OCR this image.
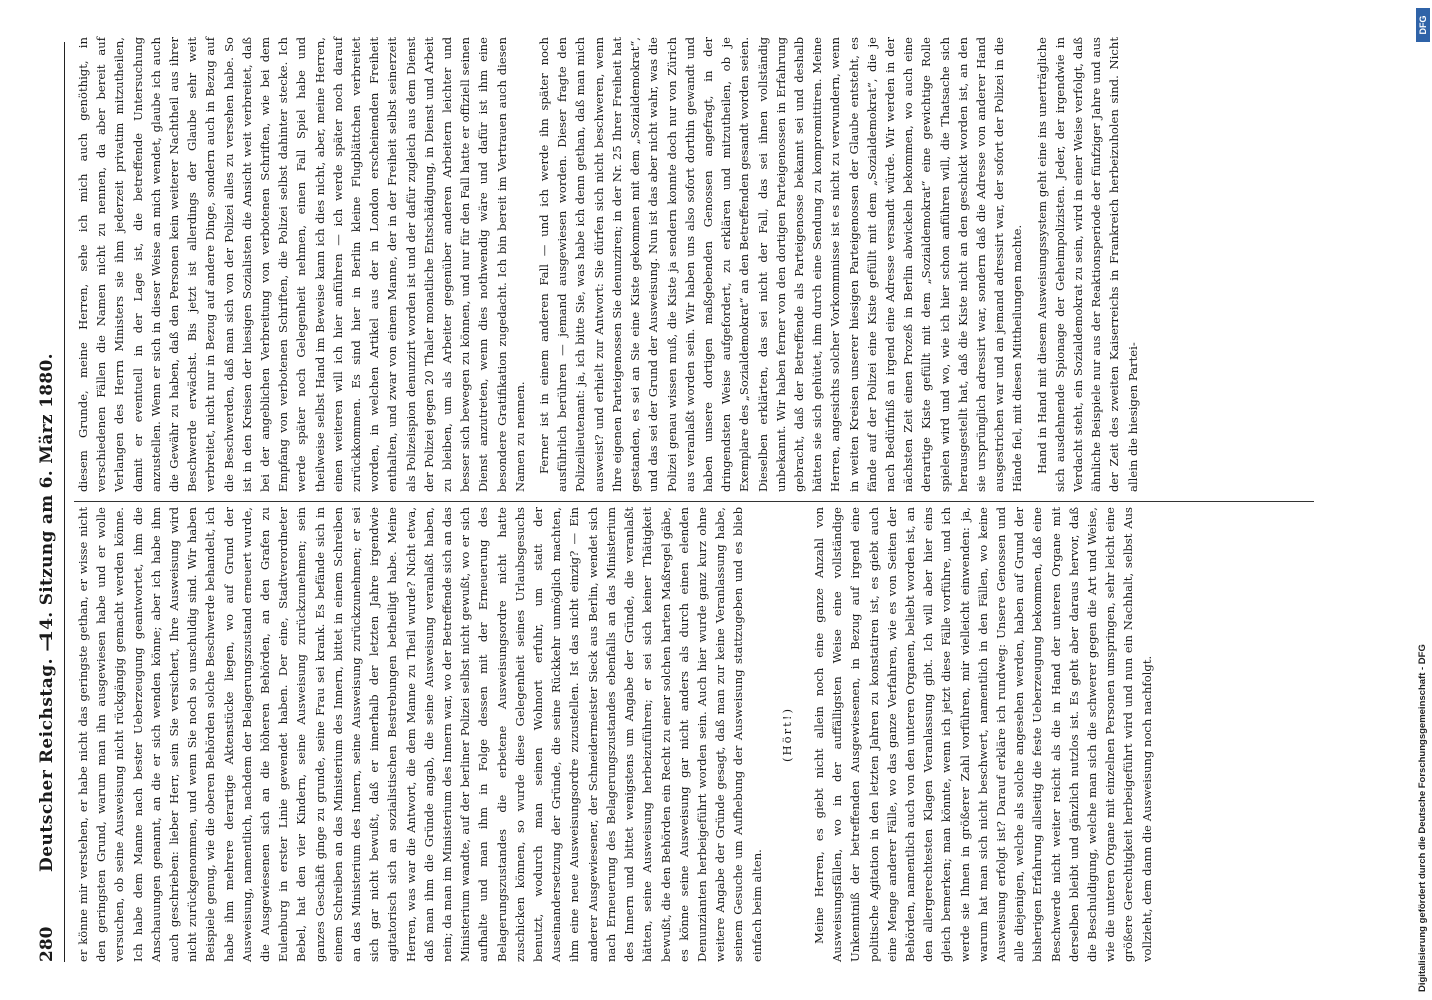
280
Deutscher Reichstag. —
14. Sitzung am 6. März 1880.

er könne mir verstehen, er habe nicht das geringste gethan, er wisse nicht den geringsten Grund, warum man ihn ausgewiesen habe und er wolle versuchen, ob seine Ausweisung nicht rückgängig gemacht werden könne. Ich habe dem Manne nach bester Ueberzeugung geantwortet, ihm die Anschauungen genannt, an die er sich wenden könne; aber ich habe ihm auch geschrieben: lieber Herr, sein Sie versichert, Ihre Ausweisung wird nicht zurückgenommen, und wenn Sie noch so unschuldig sind. Wir haben Beispiele genug, wie die oberen Behörden solche Beschwerde behandelt, ich habe ihm mehrere derartige Aktenstücke liegen, wo auf Grund der Ausweisung, namentlich, nachdem der Belagerungszustand erneuert wurde, die Ausgewiesenen sich an die höheren Behörden, an den Grafen zu Eulenburg in erster Linie gewendet haben. Der eine, Stadtverordneter Bebel, hat den vier Kindern, seine Ausweisung zurückzunehmen; sein ganzes Geschäft ginge zu grunde, seine Frau sei krank. Es befände sich in einem Schreiben an das Ministerium des Innern, bittet in einem Schreiben an das Ministerium des Innern, seine Ausweisung zurückzunehmen; er sei sich gar nicht bewußt, daß er innerhalb der letzten Jahre irgendwie agitatorisch sich an sozialistischen Bestrebungen betheiligt habe. Meine Herren, was war die Antwort, die dem Manne zu Theil wurde? Nicht etwa, daß man ihm die Gründe angab, die seine Ausweisung veranlaßt haben, nein; da man im Ministerium des Innern war, wo der Betreffende sich an das Ministerium wandte, auf der berliner Polizei selbst nicht gewußt, wo er sich aufhalte und man ihm in Folge dessen mit der Erneuerung des Belagerungszustandes die erbetene Ausweisungsordre nicht hatte zuschicken können, so wurde diese Gelegenheit seines Urlaubsgesuchs benutzt, wodurch man seinen Wohnort erfuhr, um statt der Auseinandersetzung der Gründe, die seine Rückkehr unmöglich machten, ihm eine neue Ausweisungsordre zuzustellen. Ist das nicht einzig? — Ein anderer Ausgewiesener, der Schneidermeister Sieck aus Berlin, wendet sich nach Erneuerung des Belagerungszustandes ebenfalls an das Ministerium des Innern und bittet wenigstens um Angabe der Gründe, die veranlaßt hätten, seine Ausweisung herbeizuführen; er sei sich keiner Thätigkeit bewußt, die den Behörden ein Recht zu einer solchen harten Maßregel gäbe, es könne seine Ausweisung gar nicht anders als durch einen elenden Denunzianten herbeigeführt worden sein. Auch hier wurde ganz kurz ohne weitere Angabe der Gründe gesagt, daß man zur keine Veranlassung habe, seinem Gesuche um Aufhebung der Ausweisung stattzugeben und es blieb einfach beim alten.

(Hört!) Meine Herren, es giebt nicht allein noch eine ganze Anzahl von Ausweisungsfällen, wo in der auffälligsten Weise eine vollständige Unkenntniß der betreffenden Ausgewiesenen, in Bezug auf irgend eine politische Agitation in den letzten Jahren zu konstatiren ist, es giebt auch eine Menge anderer Fälle, wo das ganze Verfahren, wie es von Seiten der Behörden, namentlich auch von den unteren Organen, beliebt worden ist, an den allergerechtesten Klagen Veranlassung gibt. Ich will aber hier eins gleich bemerken; man könnte, wenn ich jetzt diese Fälle vorführe, und ich werde sie Ihnen in größerer Zahl vorführen, mir vielleicht einwenden: ja, warum hat man sich nicht beschwert, namentlich in den Fällen, wo keine Ausweisung erfolgt ist? Darauf erkläre ich rundweg: Unsere Genossen und alle diejenigen, welche als solche angesehen werden, haben auf Grund der bisherigen Erfahrung allseitig die feste Ueberzeugung bekommen, daß eine Beschwerde nicht weiter reicht als die in Hand der unteren Organe mit derselben bleibt und gänzlich nutzlos ist. Es geht aber daraus hervor, daß die Beschuldigung, welche man sich die schwerer gegen die Art und Weise, wie die unteren Organe mit einzelnen Personen umspringen, sehr leicht eine größere Gerechtigkeit herbeigeführt wird und nun ein Nachhalt, selbst Aus vollzieht, dem dann die Ausweisung noch nachfolgt.

diesem Grunde, meine Herren, sehe ich mich auch genöthigt, in verschiedenen Fällen die Namen nicht zu nennen, da aber bereit auf Verlangen des Herrn Ministers sie ihm jederzeit privatim mitzutheilen, damit er eventuell in der Lage ist, die betreffende Untersuchung anzustellen. Wenn er sich in dieser Weise an mich wendet, glaube ich auch die Gewähr zu haben, daß den Personen kein weiterer Nachtheil aus ihrer Beschwerde erwächst. Bis jetzt ist allerdings der Glaube sehr weit verbreitet, nicht nur in Bezug auf andere Dinge, sondern auch in Bezug auf die Beschwerden, daß man sich von der Polizei alles zu versehen habe. So ist in den Kreisen der hiesigen Sozialisten die Ansicht weit verbreitet, daß bei der angeblichen Verbreitung von verbotenen Schriften, wie bei dem Empfang von verbotenen Schriften, die Polizei selbst dahinter stecke. Ich werde später noch Gelegenheit nehmen, einen Fall Spiel habe und theilweise selbst Hand im Beweise kann ich dies nicht, aber, meine Herren, einen weiteren will ich hier anführen — ich werde später noch darauf zurückkommen. Es sind hier in Berlin kleine Flugblättchen verbreitet worden, in welchen Artikel aus der in London erscheinenden Freiheit enthalten, und zwar von einem Manne, der in der Freiheit selbst seinerzeit als Polizeispion denunzirt worden ist und der dafür zugleich aus dem Dienst der Polizei gegen 20 Thaler monatliche Entschädigung, in Dienst und Arbeit zu bleiben, um als Arbeiter gegenüber anderen Arbeitern leichter und besser sich bewegen zu können, und nur für den Fall hatte er offiziell seinen Dienst anzutreten, wenn dies nothwendig wäre und dafür ist ihm eine besondere Gratifikation zugedacht. Ich bin bereit im Vertrauen auch diesen Namen zu nennen. Ferner ist in einem anderen Fall — und ich werde ihn später noch ausführlich berühren — jemand ausgewiesen worden. Dieser fragte den Polizeilieutenant: ja, ich bitte Sie, was habe ich denn gethan, daß man mich ausweist? und erhielt zur Antwort: Sie dürfen sich nicht beschweren, wenn Ihre eigenen Parteigenossen Sie denunziren; in der Nr. 25 Ihrer Freiheit hat gestanden, es sei an Sie eine Kiste gekommen mit dem „Sozialdemokrat“, und das sei der Grund der Ausweisung. Nun ist das aber nicht wahr, was die Polizei genau wissen muß, die Kiste ja sendern konnte doch nur von Zürich aus veranlaßt worden sein. Wir haben uns also sofort dorthin gewandt und haben unsere dortigen maßgebenden Genossen angefragt, in der dringendsten Weise aufgefordert, zu erklären und mitzutheilen, ob je Exemplare des „Sozialdemokrat“ an den Betreffenden gesandt worden seien. Dieselben erklärten, das sei nicht der Fall, das sei ihnen vollständig unbekannt. Wir haben ferner von den dortigen Parteigenossen in Erfahrung gebracht, daß der Betreffende als Parteigenosse bekannt sei und deshalb hätten sie sich gehütet, ihm durch eine Sendung zu kompromittiren. Meine Herren, angesichts solcher Vorkommnisse ist es nicht zu verwundern, wenn in weiten Kreisen unserer hiesigen Parteigenossen der Glaube entsteht, es fände auf der Polizei eine Kiste gefüllt mit dem „Sozialdemokrat“, die je nach Bedürfniß an irgend eine Adresse versandt würde. Wir werden in der nächsten Zeit einen Prozeß in Berlin abwickeln bekommen, wo auch eine derartige Kiste gefüllt mit dem „Sozialdemokrat“ eine gewichtige Rolle spielen wird und wo, wie ich hier schon anführen will, die Thatsache sich herausgestellt hat, daß die Kiste nicht an den geschickt worden ist, an den sie ursprünglich adressirt war, sondern daß die Adresse von anderer Hand ausgestrichen war und an jemand adressirt war, der sofort der Polizei in die Hände fiel, mit diesen Mittheilungen machte. Hand in Hand mit diesem Ausweisungssystem geht eine ins unerträgliche sich ausdehnende Spionage der Geheimpolizisten. Jeder, der irgendwie in Verdacht steht, ein Sozialdemokrat zu sein, wird in einer Weise verfolgt, daß ähnliche Beispiele nur aus der Reaktionsperiode der fünfziger Jahre und aus der Zeit des zweiten Kaiserreichs in Frankreich herbeizuholen sind. Nicht allein die hiesigen Partei-

DFG
Digitalisierung gefördert durch die Deutsche Forschungsgemeinschaft - DFG
